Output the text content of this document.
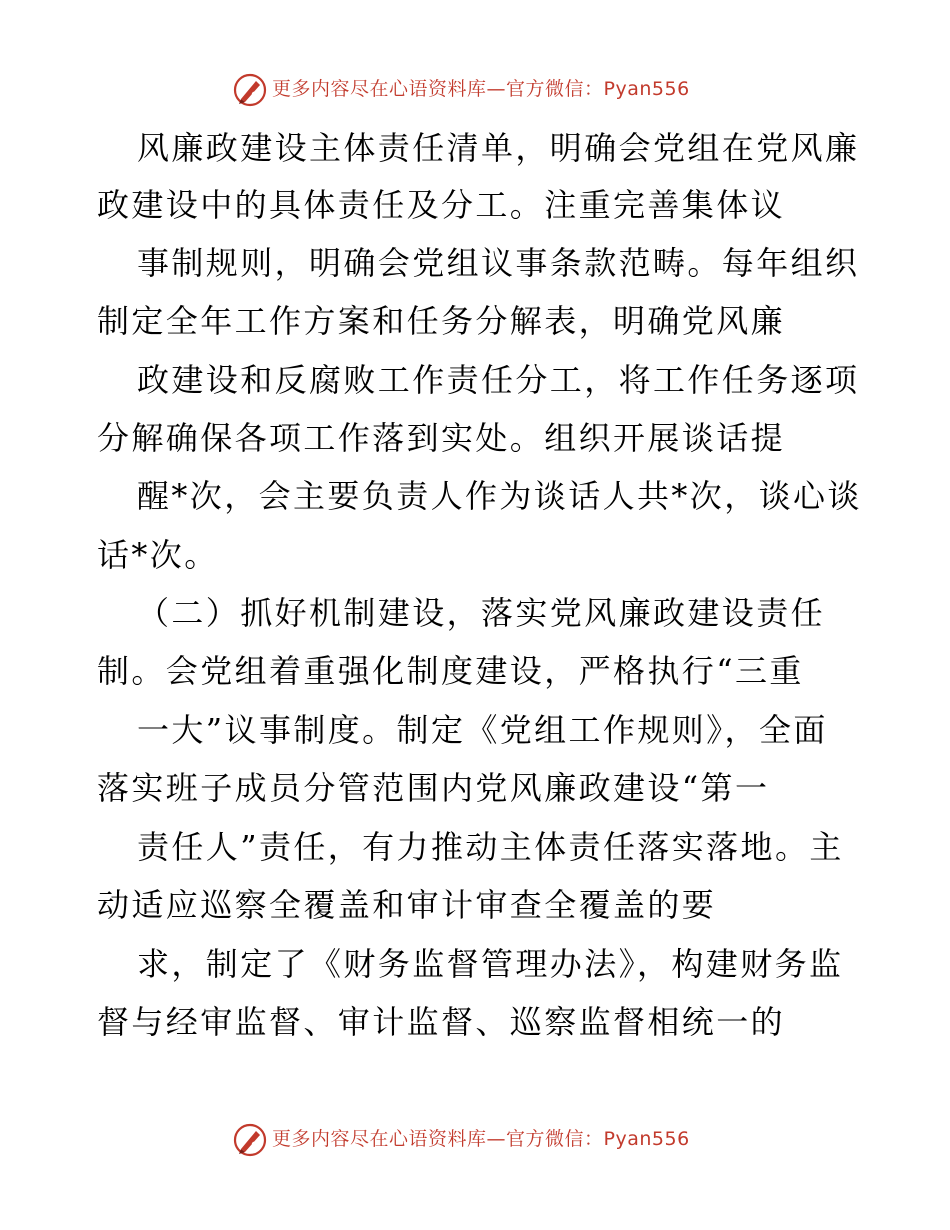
更多内容尽在心语资料库—官方微信：Pyan556
风廉政建设主体责任清单，明确会党组在党风廉
政建设中的具体责任及分工。注重完善集体议
事制规则，明确会党组议事条款范畴。每年组织
制定全年工作方案和任务分解表，明确党风廉
政建设和反腐败工作责任分工，将工作任务逐项
分解确保各项工作落到实处。组织开展谈话提
醒*次，会主要负责人作为谈话人共*次，谈心谈
话*次。
（二）抓好机制建设，落实党风廉政建设责任
制。会党组着重强化制度建设，严格执行“三重
一大”议事制度。制定《党组工作规则》，全面
落实班子成员分管范围内党风廉政建设“第一
责任人”责任，有力推动主体责任落实落地。主
动适应巡察全覆盖和审计审查全覆盖的要
求，制定了《财务监督管理办法》，构建财务监
督与经审监督、审计监督、巡察监督相统一的
更多内容尽在心语资料库—官方微信：Pyan556
